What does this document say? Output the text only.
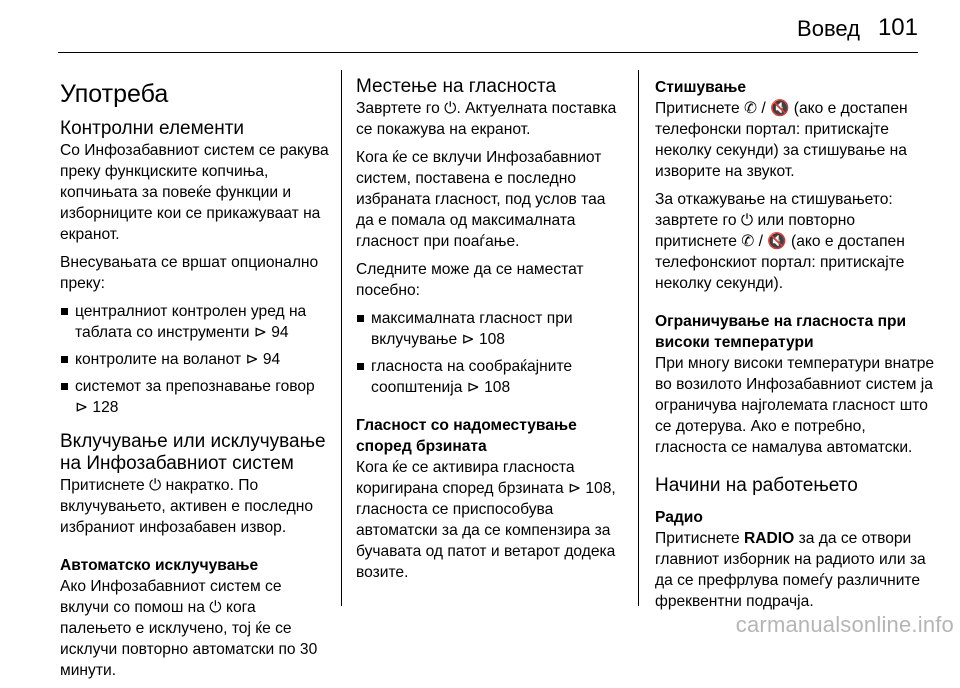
Вовед 101
Употреба
Контролни елементи

Со Инфозабавниот систем се ракува преку функциските копчиња, копчињата за повеќе функции и изборниците кои се прикажуваат на екранот.

Внесувањата се вршат опционално преку:

централниот контролен уред на таблата со инструменти ⊳ 94
контролите на воланот ⊳ 94
системот за препознавање говор ⊳ 128
Вклучување или исклучување на Инфозабавниот систем

Притиснете ⏻ накратко. По вклучувањето, активен е последно избраниот инфозабавен извор.

Автоматско исклучување

Ако Инфозабавниот систем се вклучи со помош на ⏻ кога палењето е исклучено, тој ќе се исклучи повторно автоматски по 30 минути.

Местење на гласноста

Завртете го ⏻. Актуелната поставка се покажува на екранот.

Кога ќе се вклучи Инфозабавниот систем, поставена е последно избраната гласност, под услов таа да е помала од максималната гласност при поаѓање.

Следните може да се наместат посебно:

максималната гласност при вклучување ⊳ 108
гласноста на сообраќајните соопштенија ⊳ 108
Гласност со надоместување според брзината

Кога ќе се активира гласноста коригирана според брзината ⊳ 108, гласноста се приспособува автоматски за да се компензира за бучавата од патот и ветарот додека возите.

Стишување

Притиснете ✆ / 🔇 (ако е достапен телефонски портал: притискајте неколку секунди) за стишување на изворите на звукот.

За откажување на стишувањето: завртете го ⏻ или повторно притиснете ✆ / 🔇 (ако е достапен телефонскиот портал: притискајте неколку секунди).

Ограничување на гласноста при високи температури

При многу високи температури внатре во возилото Инфозабавниот систем ја ограничува најголемата гласност што се дотерува. Ако е потребно, гласноста се намалува автоматски.

Начини на работењето
Радио

Притиснете RADIO за да се отвори главниот изборник на радиото или за да се префрлува помеѓу различните фреквентни подрачја.

carmanualsonline.info
